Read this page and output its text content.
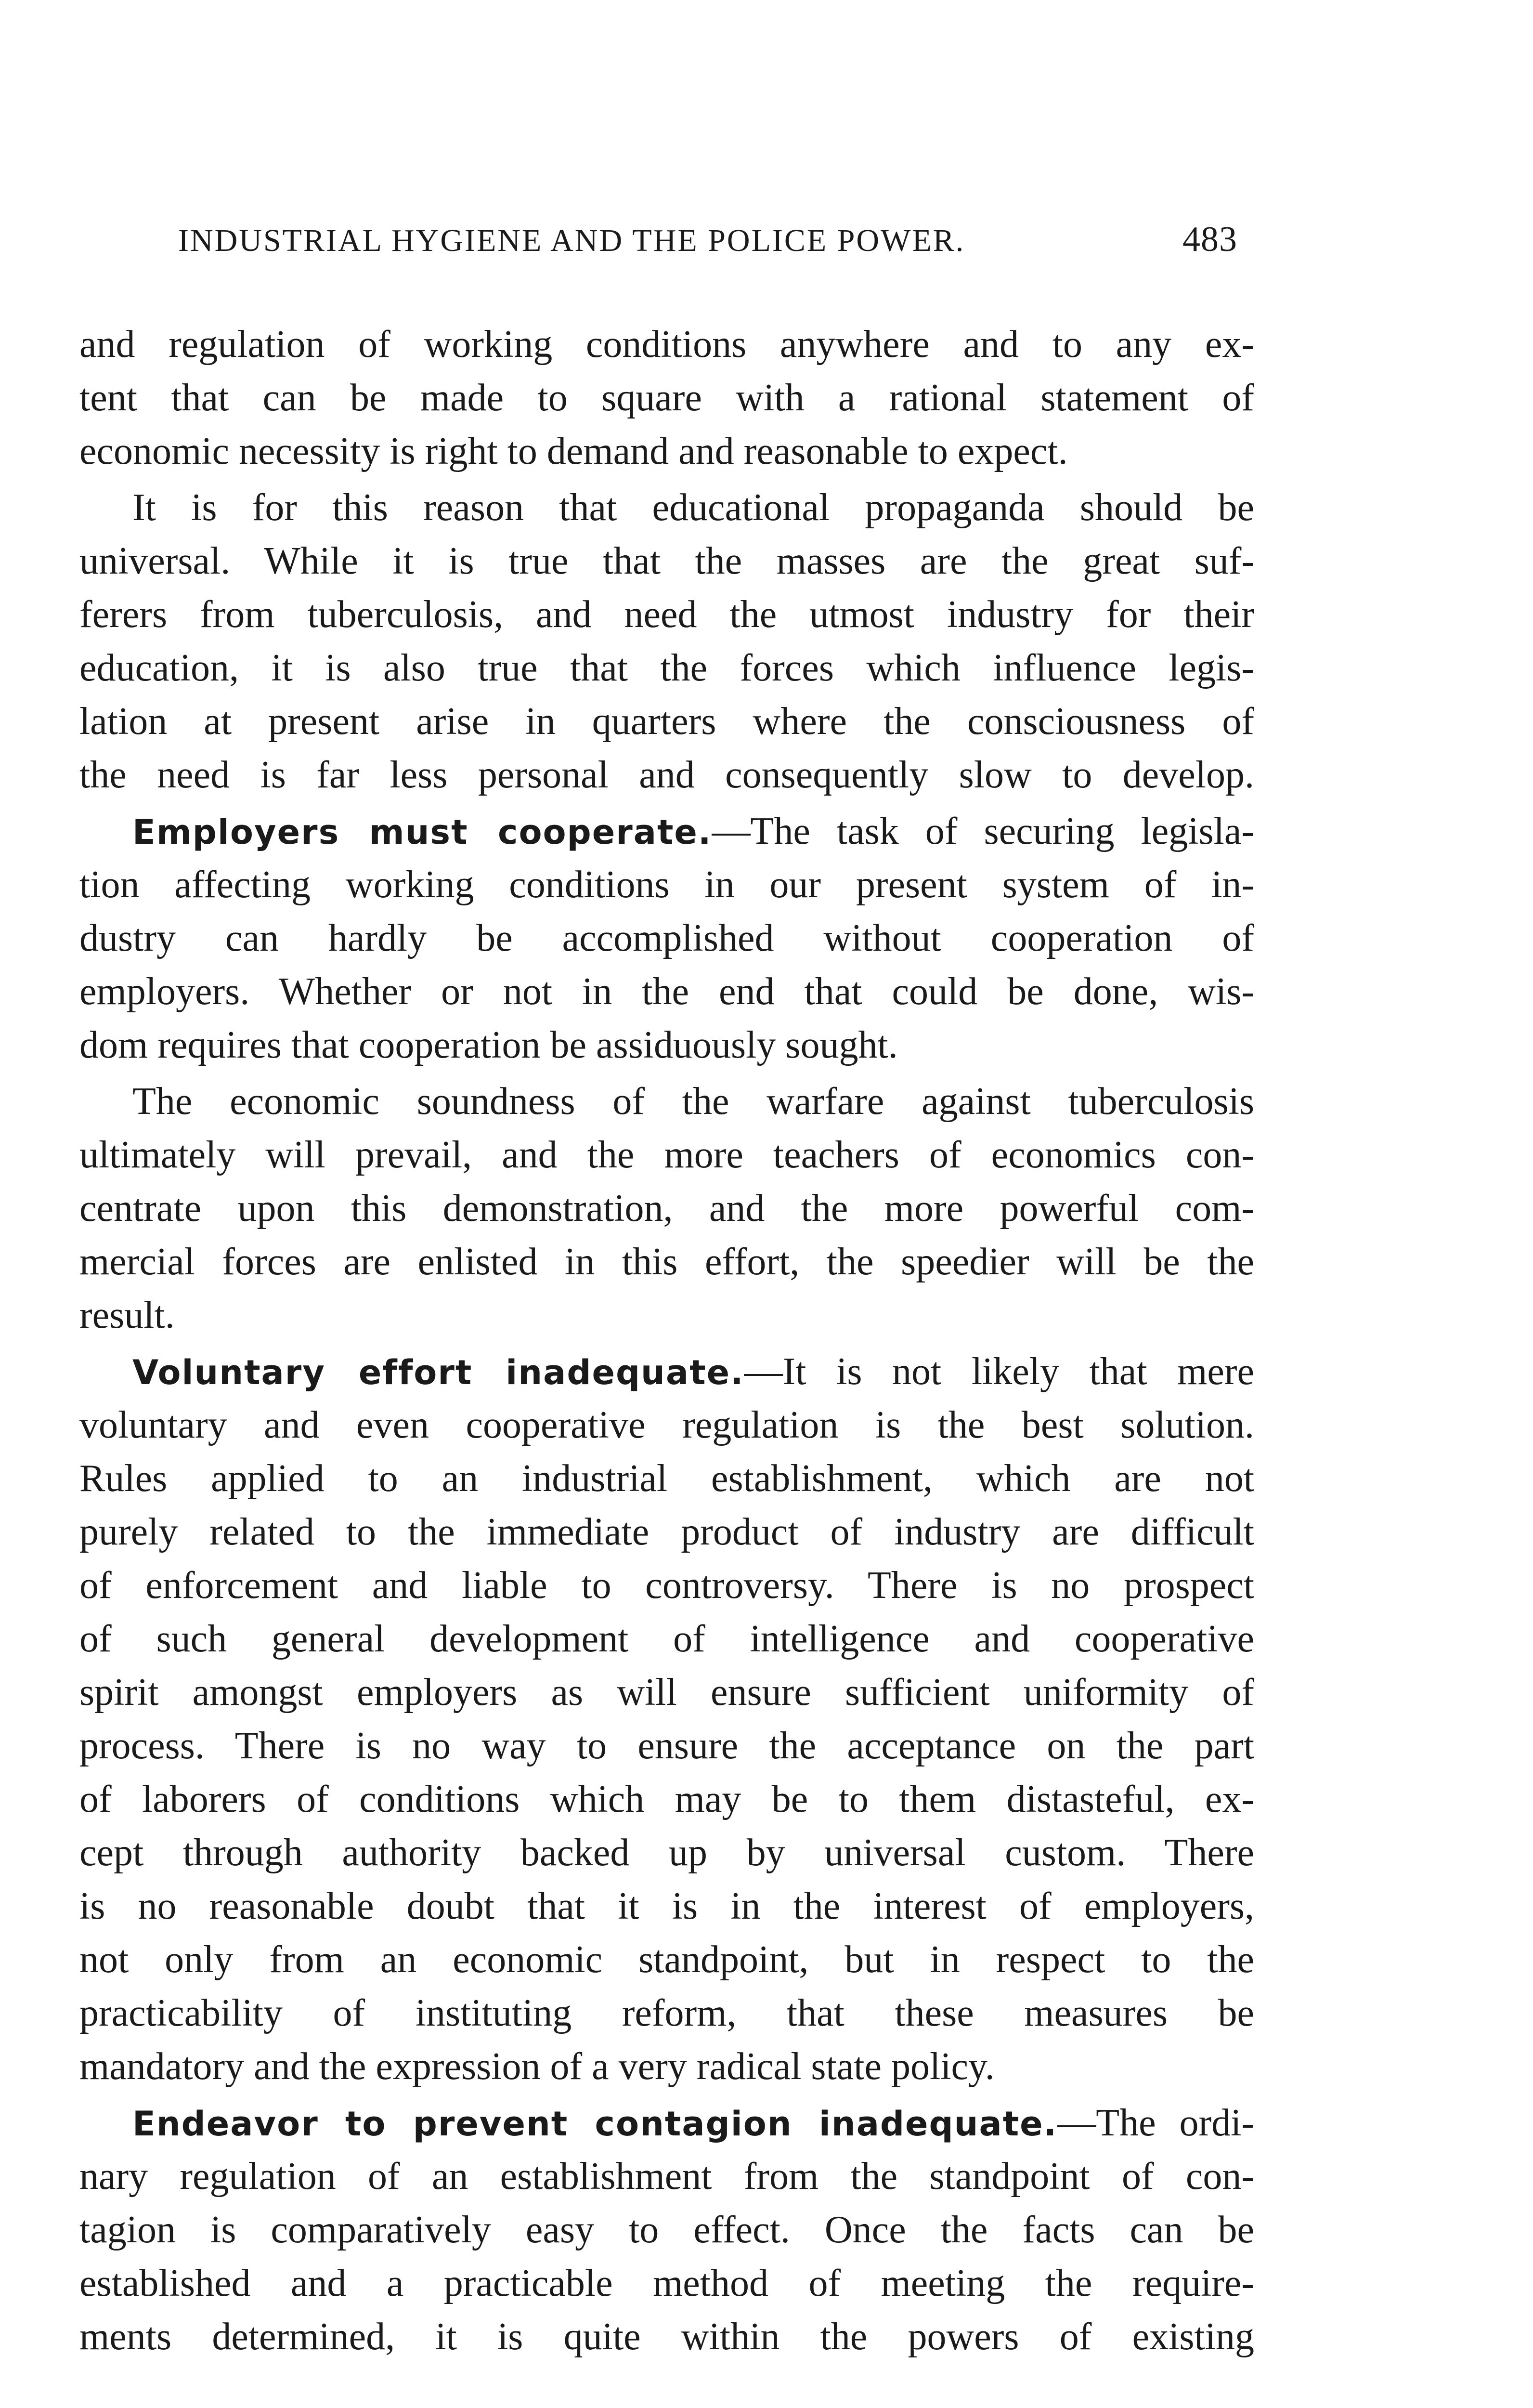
INDUSTRIAL HYGIENE AND THE POLICE POWER.	483
and regulation of working conditions anywhere and to any ex-
tent that can be made to square with a rational statement of
economic necessity is right to demand and reasonable to expect.
It is for this reason that educational propaganda should be
universal. While it is true that the masses are the great suf-
ferers from tuberculosis, and need the utmost industry for their
education, it is also true that the forces which influence legis-
lation at present arise in quarters where the consciousness of
the need is far less personal and consequently slow to develop.
Employers must cooperate.—The task of securing legisla-
tion affecting working conditions in our present system of in-
dustry can hardly be accomplished without cooperation of
employers. Whether or not in the end that could be done, wis-
dom requires that cooperation be assiduously sought.
The economic soundness of the warfare against tuberculosis
ultimately will prevail, and the more teachers of economics con-
centrate upon this demonstration, and the more powerful com-
mercial forces are enlisted in this effort, the speedier will be the
result.
Voluntary effort inadequate.—It is not likely that mere
voluntary and even cooperative regulation is the best solution.
Rules applied to an industrial establishment, which are not
purely related to the immediate product of industry are difficult
of enforcement and liable to controversy. There is no prospect
of such general development of intelligence and cooperative
spirit amongst employers as will ensure sufficient uniformity of
process. There is no way to ensure the acceptance on the part
of laborers of conditions which may be to them distasteful, ex-
cept through authority backed up by universal custom. There
is no reasonable doubt that it is in the interest of employers,
not only from an economic standpoint, but in respect to the
practicability of instituting reform, that these measures be
mandatory and the expression of a very radical state policy.
Endeavor to prevent contagion inadequate.—The ordi-
nary regulation of an establishment from the standpoint of con-
tagion is comparatively easy to effect. Once the facts can be
established and a practicable method of meeting the require-
ments determined, it is quite within the powers of existing
